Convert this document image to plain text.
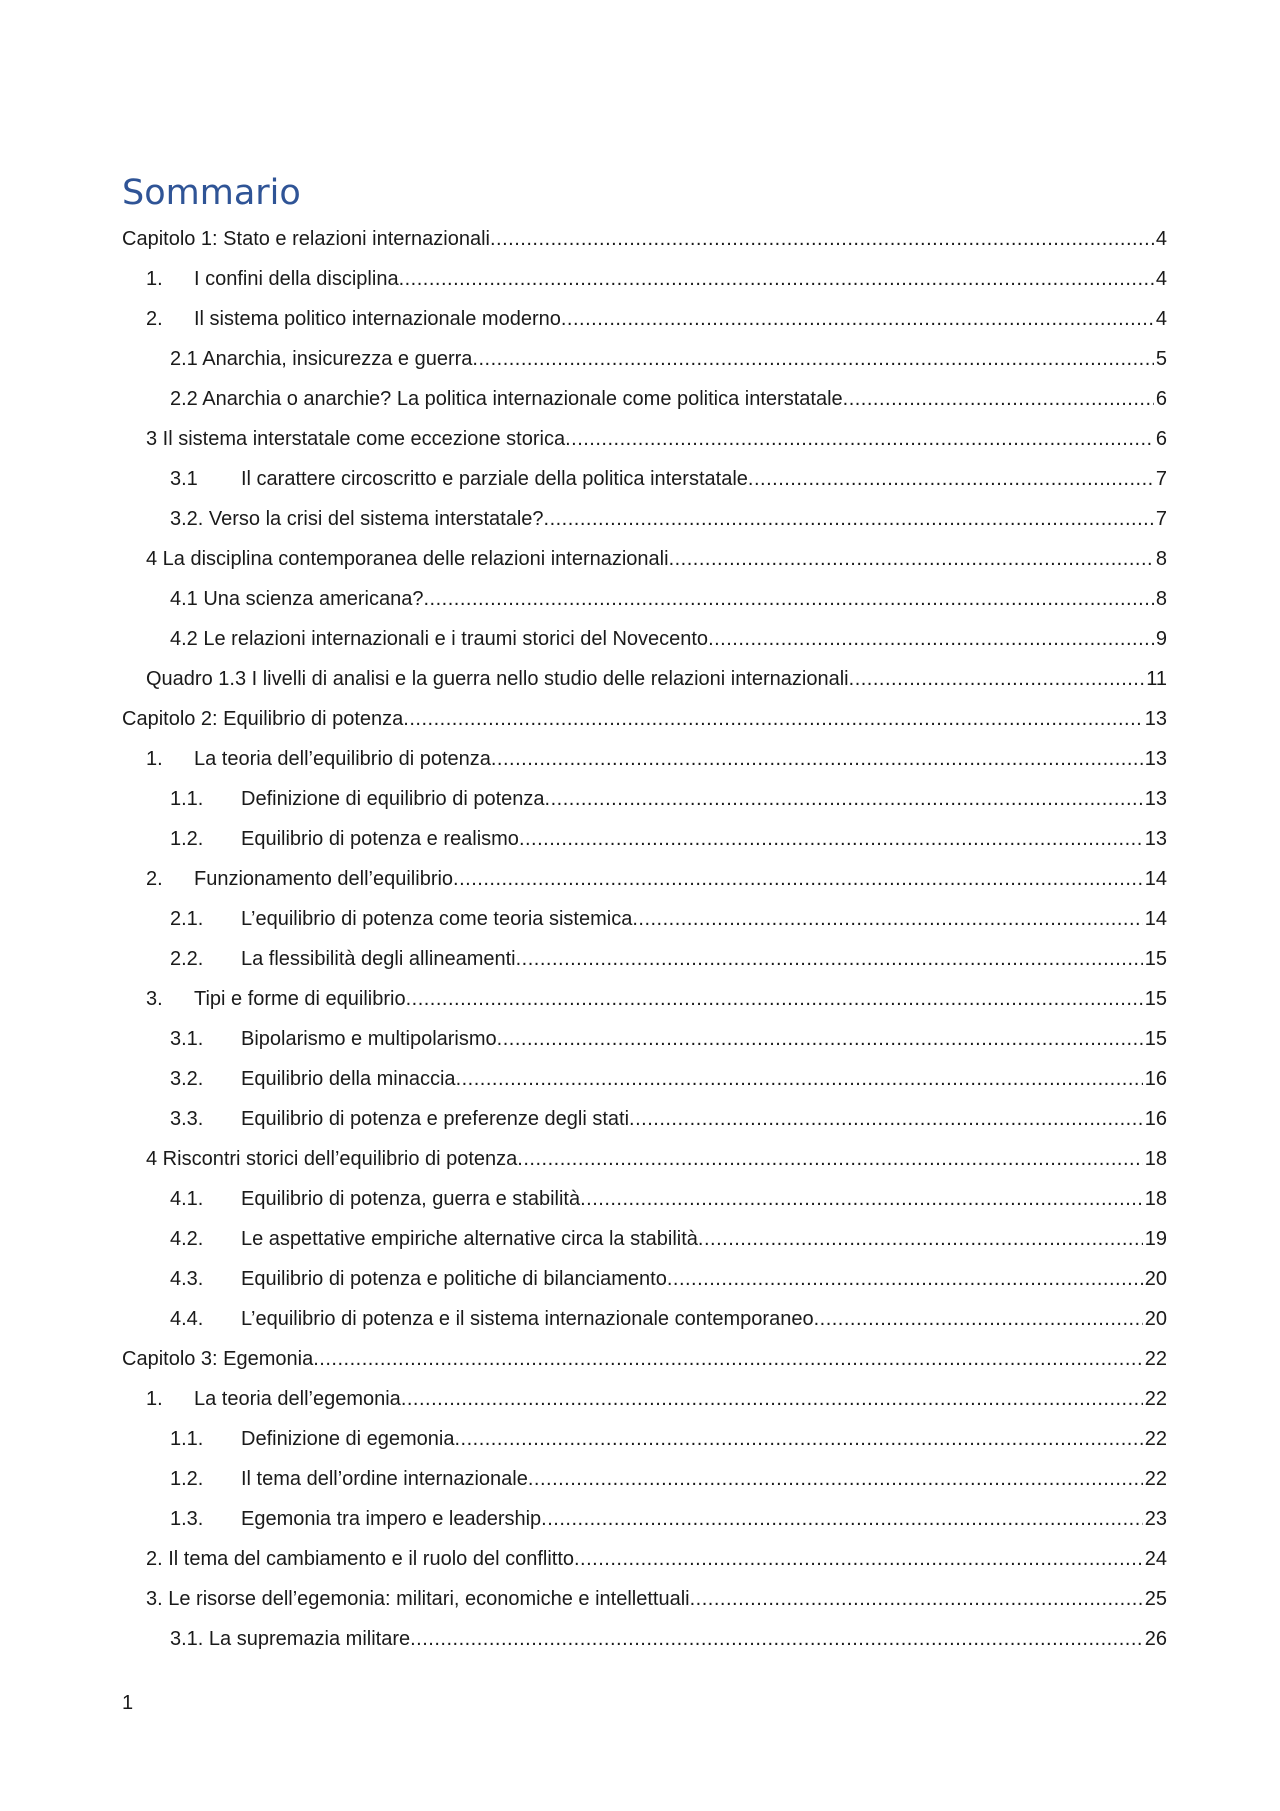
Sommario
Capitolo 1: Stato e relazioni internazionali .....	4
1.	I confini della disciplina .....	4
2.	Il sistema politico internazionale moderno .....	4
2.1 Anarchia, insicurezza e guerra .....	5
2.2 Anarchia o anarchie? La politica internazionale come politica interstatale .....	6
3 Il sistema interstatale come eccezione storica .....	6
3.1	Il carattere circoscritto e parziale della politica interstatale .....	7
3.2. Verso la crisi del sistema interstatale? .....	7
4 La disciplina contemporanea delle relazioni internazionali .....	8
4.1 Una scienza americana? .....	8
4.2 Le relazioni internazionali e i traumi storici del Novecento .....	9
Quadro 1.3 I livelli di analisi e la guerra nello studio delle relazioni internazionali .....	11
Capitolo 2: Equilibrio di potenza .....	13
1.	La teoria dell’equilibrio di potenza .....	13
1.1.	Definizione di equilibrio di potenza .....	13
1.2.	Equilibrio di potenza e realismo .....	13
2.	Funzionamento dell’equilibrio .....	14
2.1.	L’equilibrio di potenza come teoria sistemica .....	14
2.2.	La flessibilità degli allineamenti .....	15
3.	Tipi e forme di equilibrio .....	15
3.1.	Bipolarismo e multipolarismo .....	15
3.2.	Equilibrio della minaccia .....	16
3.3.	Equilibrio di potenza e preferenze degli stati .....	16
4 Riscontri storici dell’equilibrio di potenza .....	18
4.1.	Equilibrio di potenza, guerra e stabilità .....	18
4.2.	Le aspettative empiriche alternative circa la stabilità .....	19
4.3.	Equilibrio di potenza e politiche di bilanciamento .....	20
4.4.	L’equilibrio di potenza e il sistema internazionale contemporaneo .....	20
Capitolo 3: Egemonia .....	22
1.	La teoria dell’egemonia .....	22
1.1.	Definizione di egemonia .....	22
1.2.	Il tema dell’ordine internazionale .....	22
1.3.	Egemonia tra impero e leadership .....	23
2. Il tema del cambiamento e il ruolo del conflitto .....	24
3. Le risorse dell’egemonia: militari, economiche e intellettuali .....	25
3.1. La supremazia militare .....	26
1
